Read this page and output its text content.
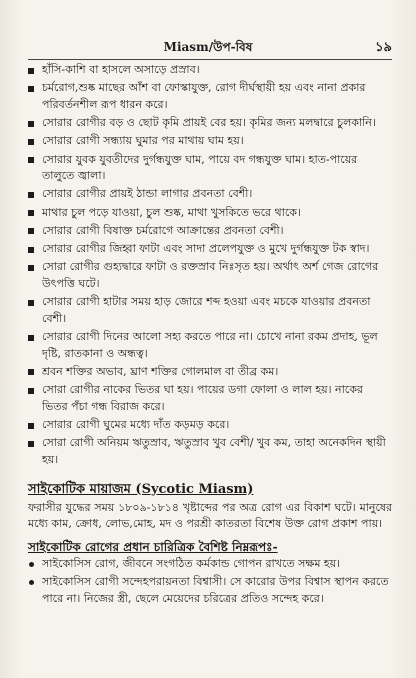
Miasm/উপ-বিষ	১৯
হাঁসি-কাশি বা হাসলে অসাড়ে প্রস্রাব।
চর্মরোগ,শুষ্ক মাছের আঁশ বা ফোস্কাযুক্ত, রোগ দীর্ঘস্থায়ী হয় এবং নানা প্রকার পরিবর্তনশীল রূপ ধারন করে।
সোরার রোগীর বড় ও ছোট কৃমি প্রায়ই বের হয়। কৃমির জন্য মলদ্বারে চুলকানি।
সোরার রোগী সন্ধ্যায় ঘুমার পর মাথায় ঘাম হয়।
সোরার যুবক যুবতীদের দুর্গন্ধযুক্ত ঘাম, পায়ে বদ গন্ধযুক্ত ঘাম। হাত-পায়ের তালুতে জ্বালা।
সোরার রোগীর প্রায়ই ঠান্ডা লাগার প্রবনতা বেশী।
মাথার চুল পড়ে যাওয়া, চুল শুষ্ক, মাথা খুসকিতে ভরে থাকে।
সোরার রোগী বিষাক্ত চর্মরোগে আক্রান্তের প্রবনতা বেশী।
সোরার রোগীর জিহ্বা ফাটা এবং সাদা প্রলেপযুক্ত ও মুখে দুর্গন্ধযুক্ত টক স্বাদ।
সোরা রোগীর গুহ্যদ্বারে ফাটা ও রক্তস্রাব নিঃসৃত হয়। অর্থাৎ অর্শ গেজ রোগের উৎপত্তি ঘটে।
সোরার রোগী হাটার সময় হাড় জোরে শব্দ হওয়া এবং মচকে যাওয়ার প্রবনতা বেশী।
সোরার রোগী দিনের আলো সহ্য করতে পারে না। চোখে নানা রকম প্রদাহ, ভূল দৃষ্টি, রাতকানা ও অন্ধত্ব।
শ্রবন শক্তির অভাব, ঘ্রাণ শক্তির গোলমাল বা তীব্র কম।
সোরা রোগীর নাকের ভিতর ঘা হয়। পায়ের ডগা ফোলা ও লাল হয়। নাকের ভিতর পঁচা গন্ধ বিরাজ করে।
সোরার রোগী ঘুমের মধ্যে দাঁত কড়মড় করে।
সোরা রোগী অনিয়ম ঋতুস্রাব, ঋতুস্রাব খুব বেশী/ খুব কম, তাহা অনেকদিন স্থায়ী হয়।
সাইকোটিক মায়াজম (Sycotic Miasm)
ফরাসীর যুদ্ধের সময় ১৮০৯-১৮১৪ খৃষ্টাব্দের পর অত্র রোগ এর বিকাশ ঘটে। মানুষের মধ্যে কাম, ক্রোধ, লোভ,মোহ, মদ ও পরশ্রী কাতরতা বিশেষ উক্ত রোগ প্রকাশ পায়।
সাইকোটিক রোগের প্রধান চারিত্রিক বৈশিষ্ট নিম্নরূপঃ-
সাইকোসিস রোগ, জীবনে সংগঠিত কর্মকান্ড গোপন রাখতে সক্ষম হয়।
সাইকোসিস রোগী সন্দেহপরায়নতা বিশ্বাসী। সে কারোর উপর বিশ্বাস স্থাপন করতে পারে না। নিজের স্ত্রী, ছেলে মেয়েদের চরিত্রের প্রতিও সন্দেহ করে।
